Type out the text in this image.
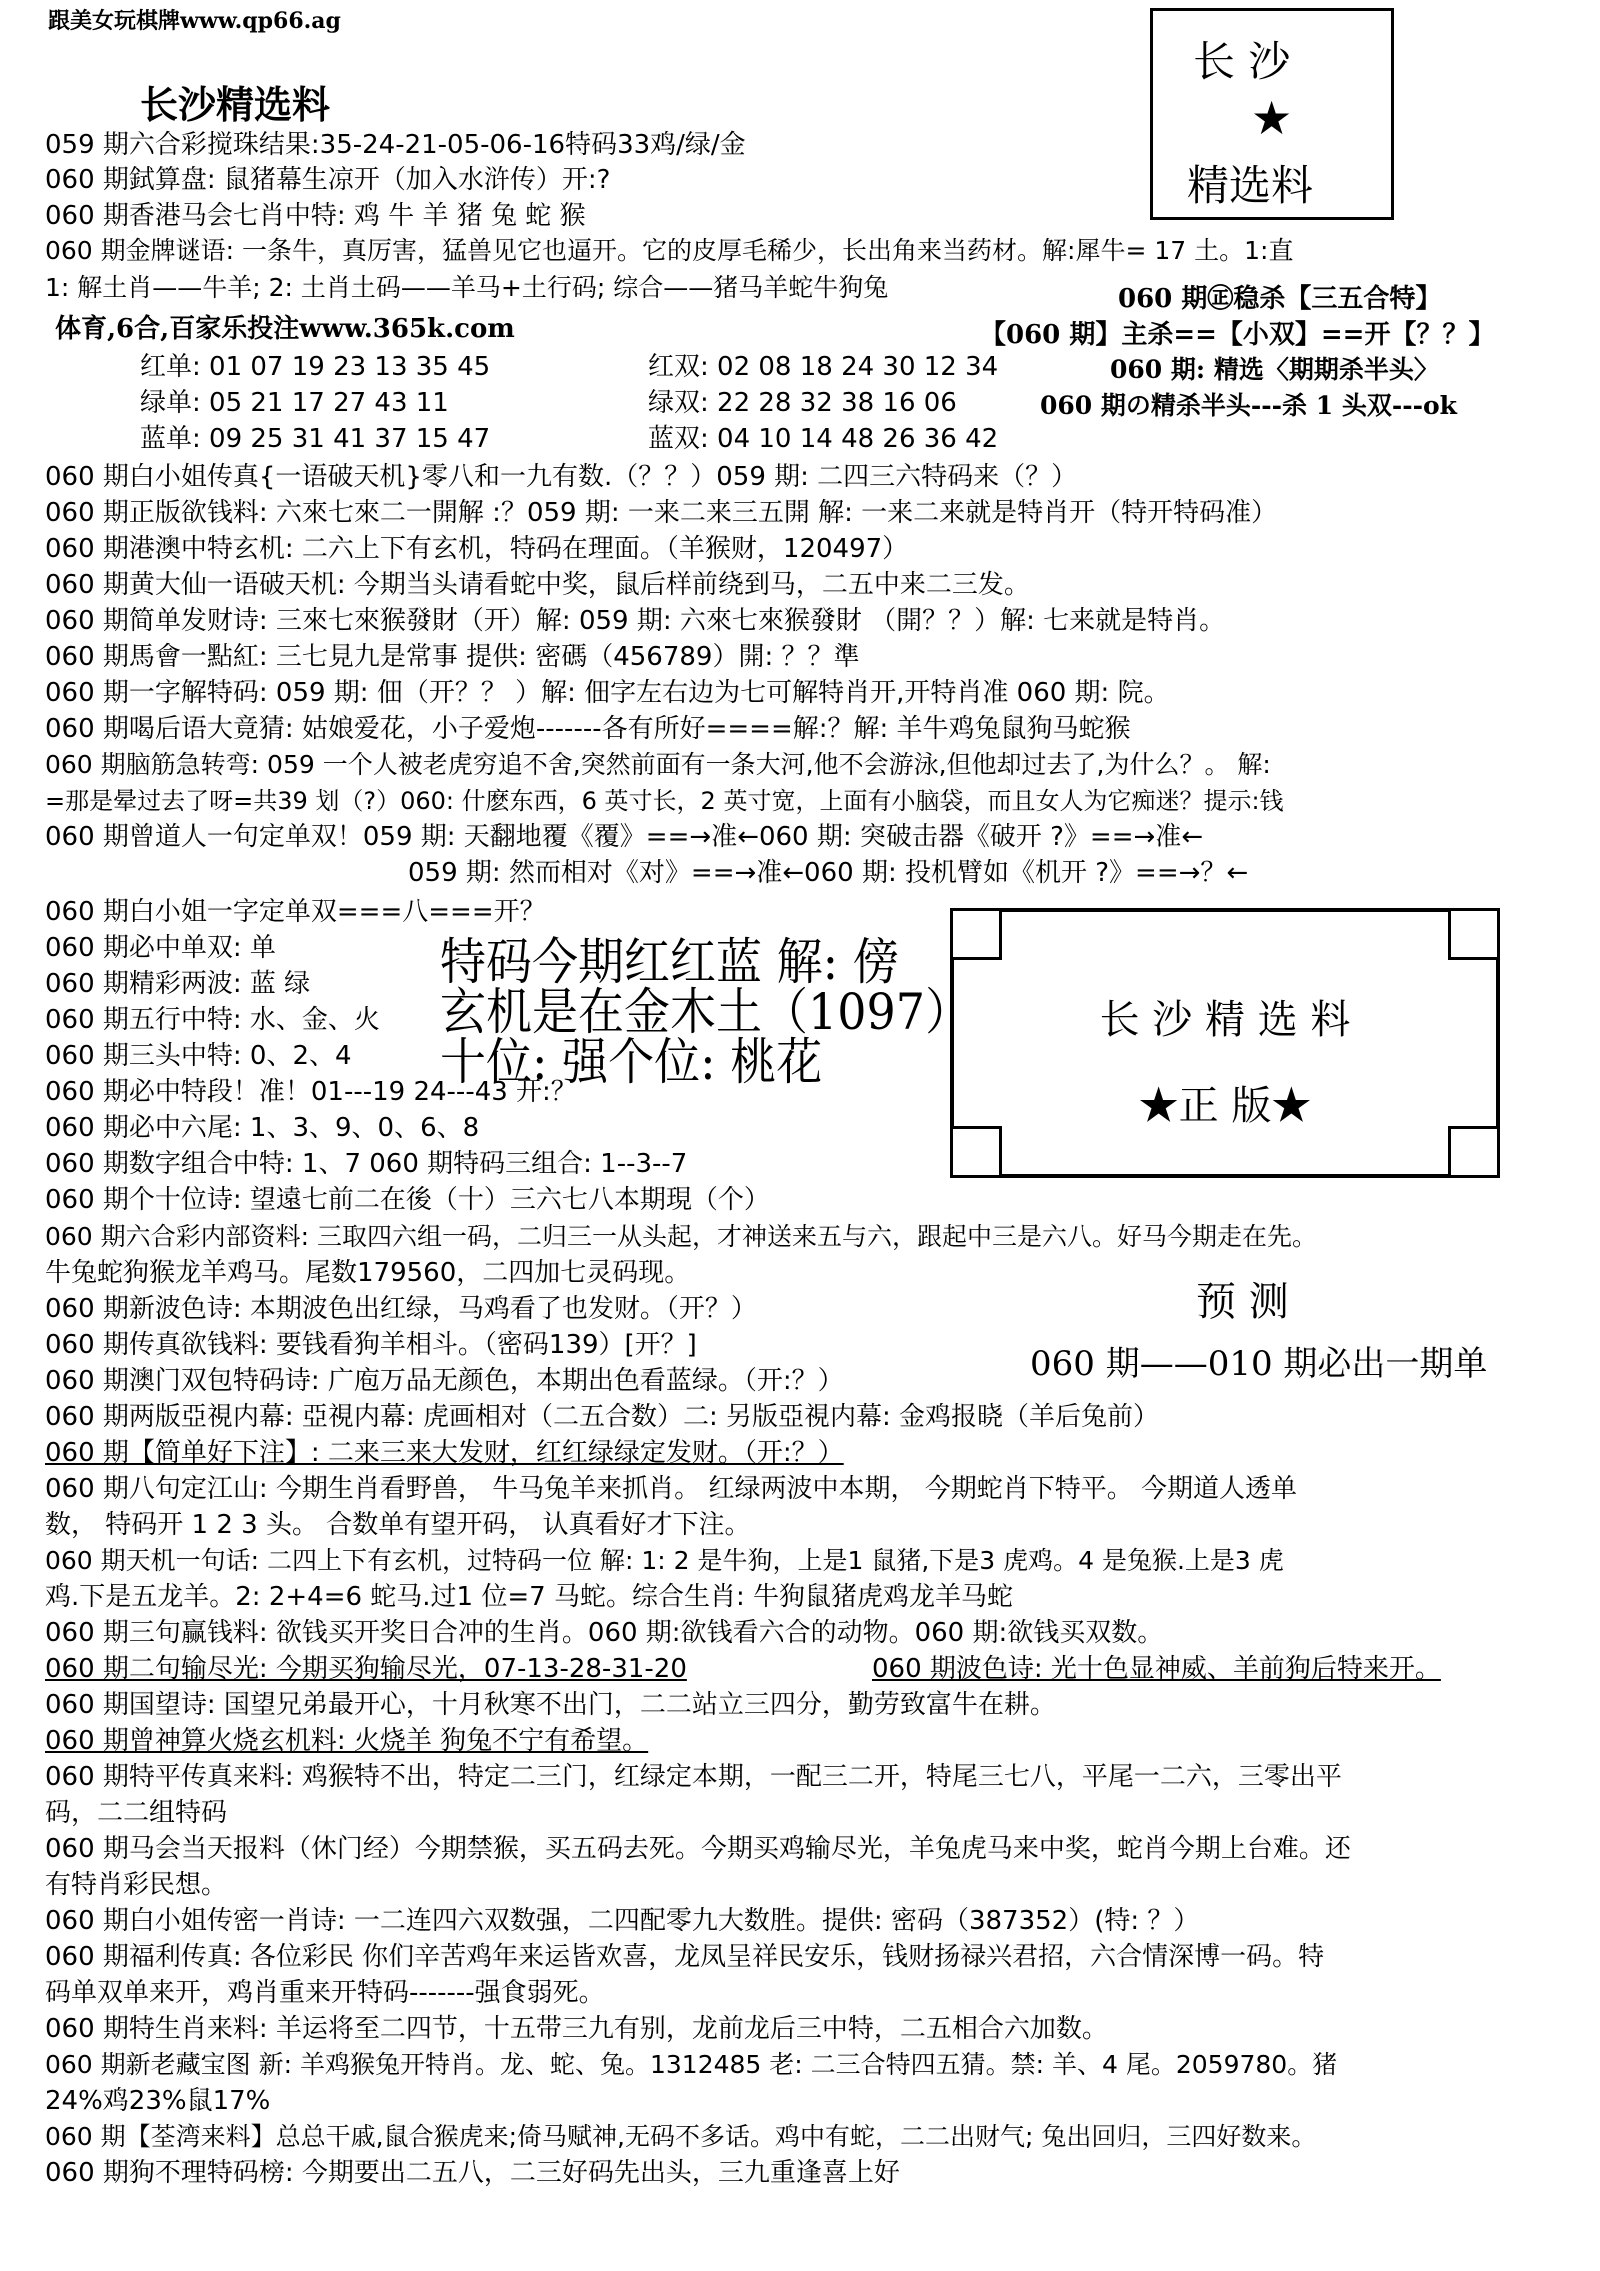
跟美女玩棋牌www.qp66.ag
长沙精选料
长 沙
★
精选料
059 期六合彩搅珠结果:35-24-21-05-06-16特码33鸡/绿/金
060 期鉽算盘: 鼠猪幕生凉开（加入水浒传）开:?
060 期香港马会七肖中特: 鸡 牛 羊 猪 兔 蛇 猴
060 期金牌谜语: 一条牛，真厉害，猛兽见它也逼开。它的皮厚毛稀少，长出角来当药材。解:犀牛= 17 土。1:直
1: 解土肖——牛羊; 2: 土肖土码——羊马+土行码; 综合——猪马羊蛇牛狗兔
体育,6合,百家乐投注www.365k.com
060 期㊣稳杀【三五合特】
【060 期】主杀==【小双】==开【？？】
060 期: 精选〈期期杀半头〉
060 期の精杀半头---杀 1 头双---ok
红单: 01 07 19 23 13 35 45	红双: 02 08 18 24 30 12 34
绿单: 05 21 17 27 43 11	绿双: 22 28 32 38 16 06
蓝单: 09 25 31 41 37 15 47	蓝双: 04 10 14 48 26 36 42
060 期白小姐传真{一语破天机}零八和一九有数.（？？）059 期: 二四三六特码来（？）
060 期正版欲钱料: 六來七來二一開解 :？059 期: 一来二来三五開 解: 一来二来就是特肖开（特开特码准）
060 期港澳中特玄机: 二六上下有玄机，特码在理面。（羊猴财，120497）
060 期黄大仙一语破天机: 今期当头请看蛇中奖，鼠后样前绕到马，二五中来二三发。
060 期简单发财诗: 三來七來猴發財（开）解: 059 期: 六來七來猴發財 （開？？）解: 七来就是特肖。
060 期馬會一點紅: 三七見九是常事 提供: 密碼（456789）開: ？？準
060 期一字解特码: 059 期: 佃（开？？ ）解: 佃字左右边为七可解特肖开,开特肖准 060 期: 院。
060 期喝后语大竟猜: 姑娘爱花，小子爱炮-------各有所好====解:？解: 羊牛鸡兔鼠狗马蛇猴
060 期脑筋急转弯: 059 一个人被老虎穷追不舍,突然前面有一条大河,他不会游泳,但他却过去了,为什么？。 解:
=那是晕过去了呀=共39 划（?）060: 什麽东西，6 英寸长，2 英寸宽，上面有小脑袋，而且女人为它痴迷？提示:钱
060 期曾道人一句定单双！059 期: 天翻地覆《覆》==→准←060 期: 突破击器《破开 ?》==→准←
059 期: 然而相对《对》==→准←060 期: 投机臂如《机开 ?》==→？←
060 期白小姐一字定单双===八===开？
060 期必中单双: 单
060 期精彩两波: 蓝 绿
060 期五行中特: 水、金、火
060 期三头中特: 0、2、4
060 期必中特段！准！01---19 24---43 开:？
060 期必中六尾: 1、3、9、0、6、8
060 期数字组合中特: 1、7 060 期特码三组合: 1--3--7
060 期个十位诗: 望遠七前二在後（十）三六七八本期現（个）
特码今期红红蓝 解: 傍
玄机是在金木土（1097）
十位: 强个位: 桃花
长 沙 精 选 料
★正 版★
预 测
060 期——010 期必出一期单
060 期六合彩内部资料: 三取四六组一码，二归三一从头起，才神送来五与六，跟起中三是六八。好马今期走在先。
牛兔蛇狗猴龙羊鸡马。尾数179560，二四加七灵码现。
060 期新波色诗: 本期波色出红绿，马鸡看了也发财。（开？）
060 期传真欲钱料: 要钱看狗羊相斗。（密码139）[开？]
060 期澳门双包特码诗: 广庖万品无颜色，本期出色看蓝绿。（开:？）
060 期两版亞視内幕: 亞視内幕: 虎画相对（二五合数）二: 另版亞視内幕: 金鸡报晓（羊后兔前）
060 期【简单好下注】: 二来三来大发财，红红绿绿定发财。（开:？）
060 期八句定江山: 今期生肖看野兽， 牛马兔羊来抓肖。 红绿两波中本期， 今期蛇肖下特平。 今期道人透单
数， 特码开 1 2 3 头。 合数单有望开码， 认真看好才下注。
060 期天机一句话: 二四上下有玄机，过特码一位 解: 1: 2 是牛狗，上是1 鼠猪,下是3 虎鸡。4 是兔猴.上是3 虎
鸡.下是五龙羊。2: 2+4=6 蛇马.过1 位=7 马蛇。综合生肖: 牛狗鼠猪虎鸡龙羊马蛇
060 期三句赢钱料: 欲钱买开奖日合冲的生肖。060 期:欲钱看六合的动物。060 期:欲钱买双数。
060 期二句输尽光: 今期买狗输尽光，07-13-28-31-20	060 期波色诗: 光十色显神威、羊前狗后特来开。
060 期国望诗: 国望兄弟最开心，十月秋寒不出门，二二站立三四分，勤劳致富牛在耕。
060 期曾神算火烧玄机料: 火烧羊 狗兔不宁有希望。
060 期特平传真来料: 鸡猴特不出，特定二三门，红绿定本期，一配三二开，特尾三七八，平尾一二六，三零出平
码，二二组特码
060 期马会当天报料（休门经）今期禁猴，买五码去死。今期买鸡输尽光，羊兔虎马来中奖，蛇肖今期上台难。还
有特肖彩民想。
060 期白小姐传密一肖诗: 一二连四六双数强，二四配零九大数胜。提供: 密码（387352）(特: ？）
060 期福利传真: 各位彩民 你们辛苦鸡年来运皆欢喜，龙凤呈祥民安乐，钱财扬禄兴君招，六合情深博一码。特
码单双单来开，鸡肖重来开特码-------强食弱死。
060 期特生肖来料: 羊运将至二四节，十五带三九有别，龙前龙后三中特，二五相合六加数。
060 期新老藏宝图 新: 羊鸡猴兔开特肖。龙、蛇、兔。1312485 老: 二三合特四五猜。禁: 羊、4 尾。2059780。猪
24%鸡23%鼠17%
060 期【荃湾来料】总总干戚,鼠合猴虎来;倚马赋神,无码不多话。鸡中有蛇，二二出财气; 兔出回归，三四好数来。
060 期狗不理特码榜: 今期要出二五八，二三好码先出头，三九重逢喜上好
